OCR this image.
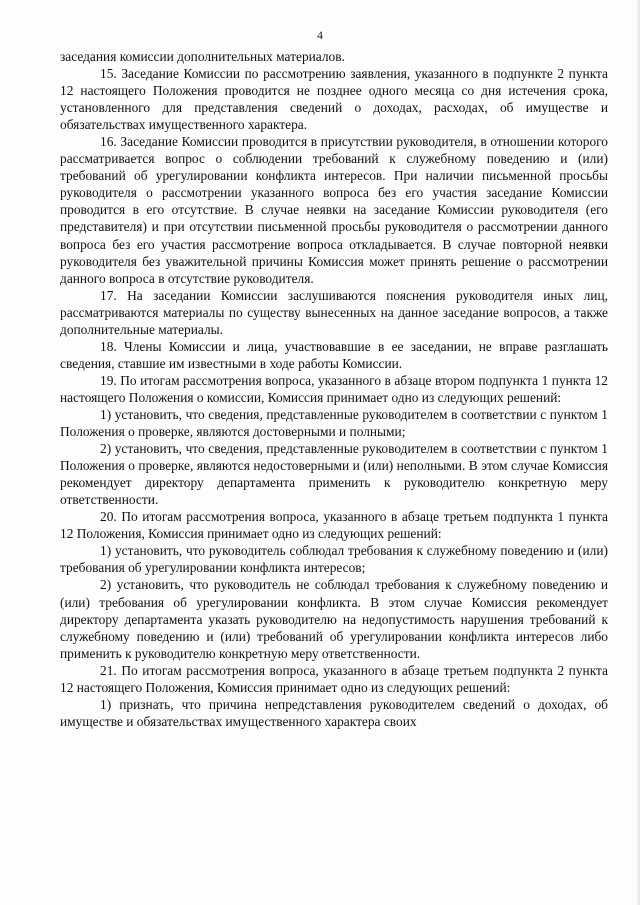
4

заседания комиссии дополнительных материалов.

15. Заседание Комиссии по рассмотрению заявления, указанного в подпункте 2 пункта 12 настоящего Положения проводится не позднее одного месяца со дня истечения срока, установленного для представления сведений о доходах, расходах, об имуществе и обязательствах имущественного характера.

16. Заседание Комиссии проводится в присутствии руководителя, в отношении которого рассматривается вопрос о соблюдении требований к служебному поведению и (или) требований об урегулировании конфликта интересов. При наличии письменной просьбы руководителя о рассмотрении указанного вопроса без его участия заседание Комиссии проводится в его отсутствие. В случае неявки на заседание Комиссии руководителя (его представителя) и при отсутствии письменной просьбы руководителя о рассмотрении данного вопроса без его участия рассмотрение вопроса откладывается. В случае повторной неявки руководителя без уважительной причины Комиссия может принять решение о рассмотрении данного вопроса в отсутствие руководителя.

17. На заседании Комиссии заслушиваются пояснения руководителя иных лиц, рассматриваются материалы по существу вынесенных на данное заседание вопросов, а также дополнительные материалы.

18. Члены Комиссии и лица, участвовавшие в ее заседании, не вправе разглашать сведения, ставшие им известными в ходе работы Комиссии.

19. По итогам рассмотрения вопроса, указанного в абзаце втором подпункта 1 пункта 12 настоящего Положения о комиссии, Комиссия принимает одно из следующих решений:

1) установить, что сведения, представленные руководителем в соответствии с пунктом 1 Положения о проверке, являются достоверными и полными;

2) установить, что сведения, представленные руководителем в соответствии с пунктом 1 Положения о проверке, являются недостоверными и (или) неполными. В этом случае Комиссия рекомендует директору департамента применить к руководителю конкретную меру ответственности.

20. По итогам рассмотрения вопроса, указанного в абзаце третьем подпункта 1 пункта 12 Положения, Комиссия принимает одно из следующих решений:

1) установить, что руководитель соблюдал требования к служебному поведению и (или) требования об урегулировании конфликта интересов;

2) установить, что руководитель не соблюдал требования к служебному поведению и (или) требования об урегулировании конфликта. В этом случае Комиссия рекомендует директору департамента указать руководителю на недопустимость нарушения требований к служебному поведению и (или) требований об урегулировании конфликта интересов либо применить к руководителю конкретную меру ответственности.

21. По итогам рассмотрения вопроса, указанного в абзаце третьем подпункта 2 пункта 12 настоящего Положения, Комиссия принимает одно из следующих решений:

1) признать, что причина непредставления руководителем сведений о доходах, об имуществе и обязательствах имущественного характера своих
